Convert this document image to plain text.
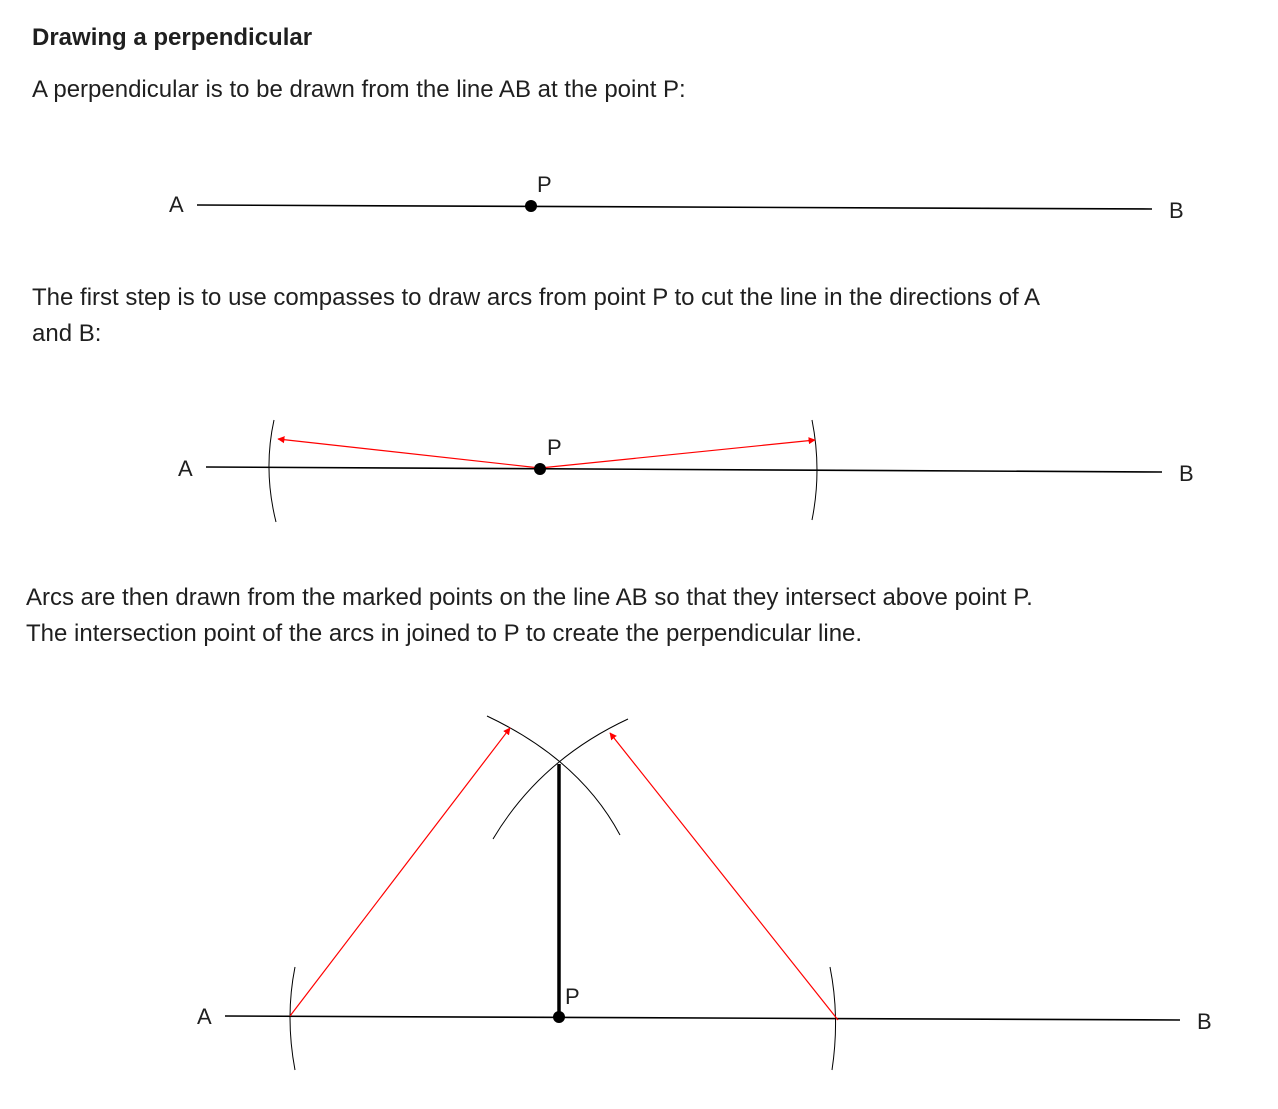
Drawing a perpendicular

A perpendicular is to be drawn from the line AB at the point P:

The first step is to use compasses to draw arcs from point P to cut the line in the directions of A

and B:

Arcs are then drawn from the marked points on the line AB so that they intersect above point P.

The intersection point of the arcs in joined to P to create the perpendicular line.

A	B
P
A	B
P
A	B
P
